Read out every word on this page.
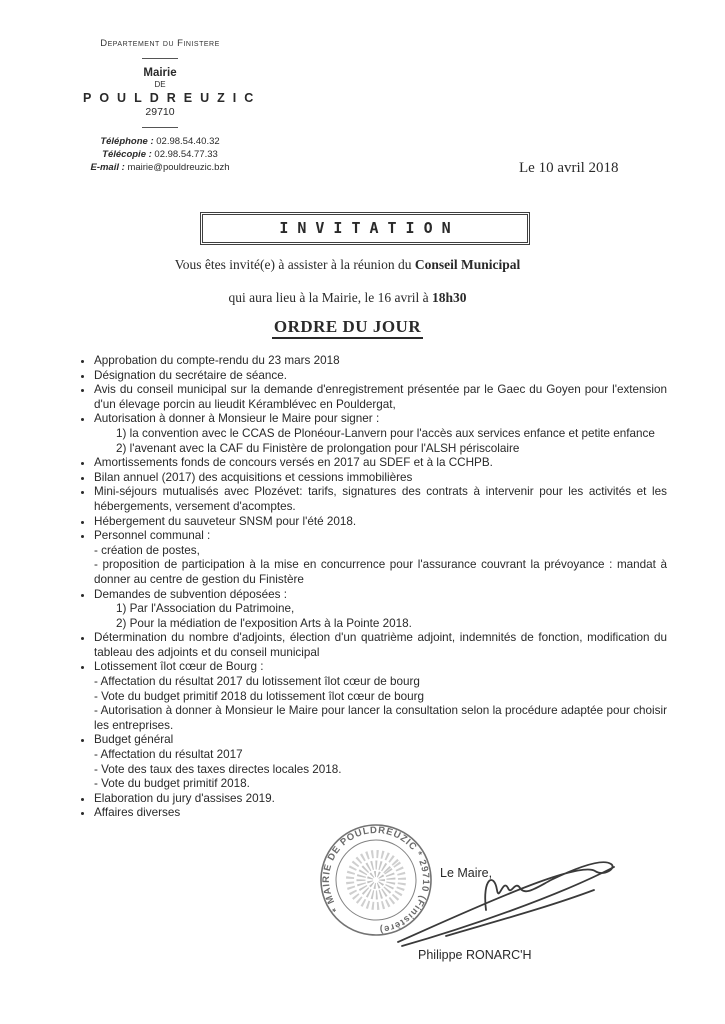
Departement du Finistere
Mairie
DE
POULDREUZIC
29710
Téléphone : 02.98.54.40.32
Télécopie : 02.98.54.77.33
E-mail : mairie@pouldreuzic.bzh	Le 10 avril 2018
INVITATION
Vous êtes invité(e) à assister à la réunion du Conseil Municipal
qui aura lieu à la Mairie, le 16 avril à 18h30
ORDRE DU JOUR
• Approbation du compte-rendu du 23 mars 2018
• Désignation du secrétaire de séance.
• Avis du conseil municipal sur la demande d'enregistrement présentée par le Gaec du Goyen pour l'extension d'un élevage porcin au lieudit Kéramblévec en Pouldergat,
• Autorisation à donner à Monsieur le Maire pour signer :
1) la convention avec le CCAS de Plonéour-Lanvern pour l'accès aux services enfance et petite enfance
2) l'avenant avec la CAF du Finistère de prolongation pour l'ALSH périscolaire
• Amortissements fonds de concours versés en 2017 au SDEF et à la CCHPB.
• Bilan annuel (2017) des acquisitions et cessions immobilières
• Mini-séjours mutualisés avec Plozévet: tarifs, signatures des contrats à intervenir pour les activités et les hébergements, versement d'acomptes.
• Hébergement du sauveteur SNSM pour l'été 2018.
• Personnel communal :
- création de postes,
- proposition de participation à la mise en concurrence pour l'assurance couvrant la prévoyance : mandat à donner au centre de gestion du Finistère
• Demandes de subvention déposées :
1) Par l'Association du Patrimoine,
2) Pour la médiation de l'exposition Arts à la Pointe 2018.
• Détermination du nombre d'adjoints, élection d'un quatrième adjoint, indemnités de fonction, modification du tableau des adjoints et du conseil municipal
• Lotissement îlot cœur de Bourg :
- Affectation du résultat 2017 du lotissement îlot cœur de bourg
- Vote du budget primitif 2018 du lotissement îlot cœur de bourg
- Autorisation à donner à Monsieur le Maire pour lancer la consultation selon la procédure adaptée pour choisir les entreprises.
• Budget général
- Affectation du résultat 2017
- Vote des taux des taxes directes locales 2018.
- Vote du budget primitif 2018.
• Elaboration du jury d'assises 2019.
• Affaires diverses
* MAIRIE DE POULDREUZIC * 29710 (Finistère)
Le Maire,
Philippe RONARC'H
